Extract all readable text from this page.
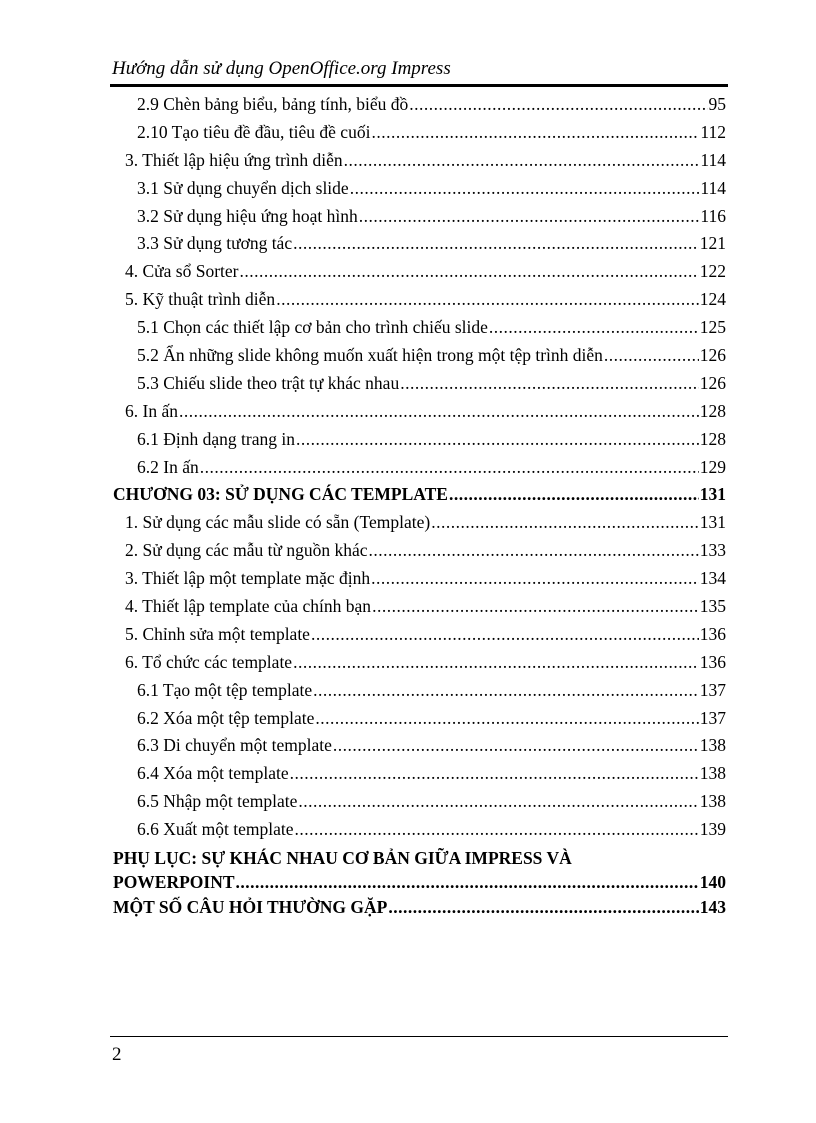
Hướng dẫn sử dụng OpenOffice.org Impress
2.9 Chèn bảng biểu, bảng tính, biểu đồ .....	95
2.10 Tạo tiêu đề đầu, tiêu đề cuối .....	112
3. Thiết lập hiệu ứng trình diễn .....	114
3.1 Sử dụng chuyển dịch slide .....	114
3.2 Sử dụng hiệu ứng hoạt hình .....	116
3.3 Sử dụng tương tác .....	121
4. Cửa sổ Sorter .....	122
5. Kỹ thuật trình diễn .....	124
5.1 Chọn các thiết lập cơ bản cho trình chiếu slide .....	125
5.2 Ẩn những slide không muốn xuất hiện trong một tệp trình diễn .....	126
5.3 Chiếu slide theo trật tự khác nhau .....	126
6. In ấn .....	128
6.1 Định dạng trang in .....	128
6.2 In ấn .....	129
CHƯƠNG 03: SỬ DỤNG CÁC TEMPLATE .....	131
1. Sử dụng các mẫu slide có sẵn (Template) .....	131
2. Sử dụng các mẫu từ nguồn khác .....	133
3. Thiết lập một template mặc định .....	134
4. Thiết lập template của chính bạn .....	135
5. Chỉnh sửa một template .....	136
6. Tổ chức các template .....	136
6.1 Tạo một tệp template .....	137
6.2 Xóa một tệp template .....	137
6.3 Di chuyển một template .....	138
6.4 Xóa một template .....	138
6.5 Nhập một template .....	138
6.6 Xuất một template .....	139
PHỤ LỤC: SỰ KHÁC NHAU CƠ BẢN GIỮA IMPRESS VÀ
POWERPOINT .....	140
MỘT SỐ CÂU HỎI THƯỜNG GẶP .....	143
2
